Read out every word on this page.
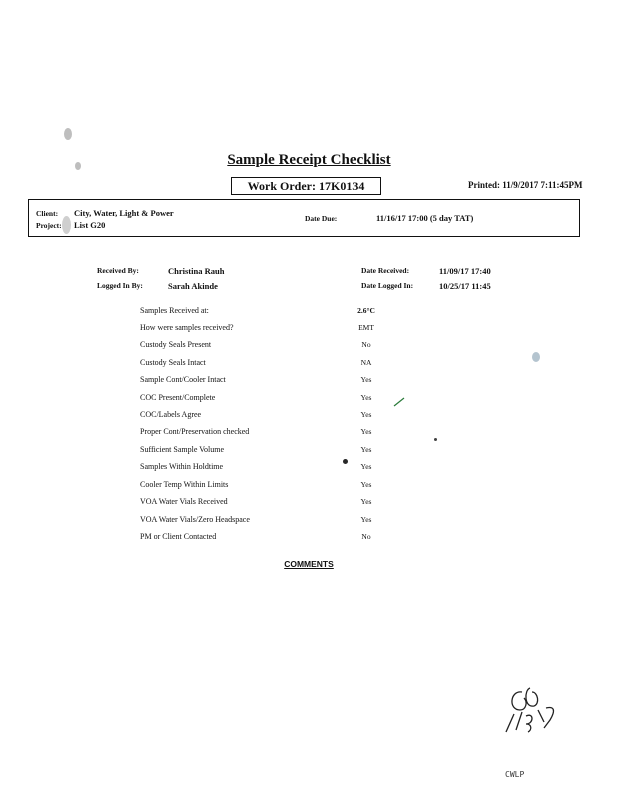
Sample Receipt Checklist
Work Order: 17K0134	Printed: 11/9/2017 7:11:45PM
Client: City, Water, Light & Power
Project: List G20
Date Due:	11/16/17 17:00 (5 day TAT)
Received By:	Christina Rauh
Logged In By:	Sarah Akinde
Date Received:	11/09/17 17:40
Date Logged In:	10/25/17 11:45
Samples Received at:	2.6°C
How were samples received?	EMT
Custody Seals Present	No
Custody Seals Intact	NA
Sample Cont/Cooler Intact	Yes
COC Present/Complete	Yes
COC/Labels Agree	Yes
Proper Cont/Preservation checked	Yes
Sufficient Sample Volume	Yes
Samples Within Holdtime	Yes
Cooler Temp Within Limits	Yes
VOA Water Vials Received	Yes
VOA Water Vials/Zero Headspace	Yes
PM or Client Contacted	No
COMMENTS
CWLP
